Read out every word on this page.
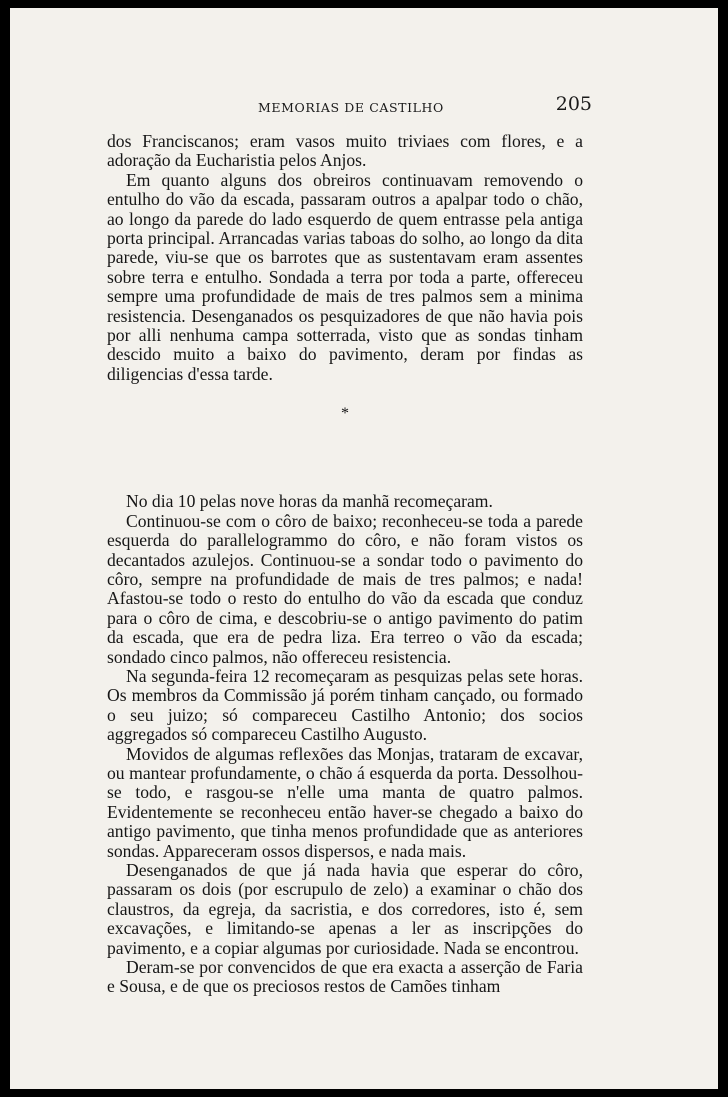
MEMORIAS DE CASTILHO	205

dos Franciscanos; eram vasos muito triviaes com flores, e a adoração da Eucharistia pelos Anjos.

Em quanto alguns dos obreiros continuavam removendo o entulho do vão da escada, passaram outros a apalpar todo o chão, ao longo da parede do lado esquerdo de quem entrasse pela antiga porta principal. Arrancadas varias taboas do solho, ao longo da dita parede, viu-se que os barrotes que as sustentavam eram assentes sobre terra e entulho. Sondada a terra por toda a parte, offereceu sempre uma profundidade de mais de tres palmos sem a minima resistencia. Desenganados os pesquizadores de que não havia pois por alli nenhuma campa sotterrada, visto que as sondas tinham descido muito a baixo do pavimento, deram por findas as diligencias d'essa tarde.

*

No dia 10 pelas nove horas da manhã recomeçaram.

Continuou-se com o côro de baixo; reconheceu-se toda a parede esquerda do parallelogrammo do côro, e não foram vistos os decantados azulejos. Continuou-se a sondar todo o pavimento do côro, sempre na profundidade de mais de tres palmos; e nada! Afastou-se todo o resto do entulho do vão da escada que conduz para o côro de cima, e descobriu-se o antigo pavimento do patim da escada, que era de pedra liza. Era terreo o vão da escada; sondado cinco palmos, não offereceu resistencia.

Na segunda-feira 12 recomeçaram as pesquizas pelas sete horas. Os membros da Commissão já porém tinham cançado, ou formado o seu juizo; só compareceu Castilho Antonio; dos socios aggregados só compareceu Castilho Augusto.

Movidos de algumas reflexões das Monjas, trataram de excavar, ou mantear profundamente, o chão á esquerda da porta. Dessolhou-se todo, e rasgou-se n'elle uma manta de quatro palmos. Evidentemente se reconheceu então haver-se chegado a baixo do antigo pavimento, que tinha menos profundidade que as anteriores sondas. Appareceram ossos dispersos, e nada mais.

Desenganados de que já nada havia que esperar do côro, passaram os dois (por escrupulo de zelo) a examinar o chão dos claustros, da egreja, da sacristia, e dos corredores, isto é, sem excavações, e limitando-se apenas a ler as inscripções do pavimento, e a copiar algumas por curiosidade. Nada se encontrou.

Deram-se por convencidos de que era exacta a asserção de Faria e Sousa, e de que os preciosos restos de Camões tinham
